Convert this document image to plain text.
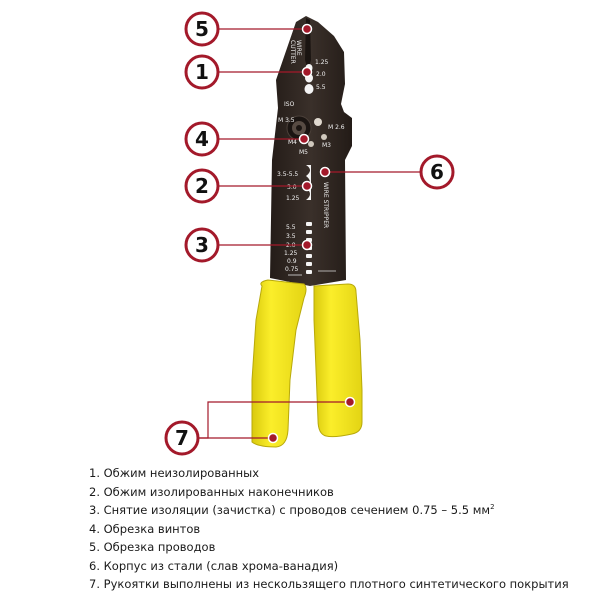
WIRE
CUTTER	1.25
2.0
5.5
ISO
M 3.5
M 2.6
M4	M3
M5
3.5-5.5
3.0
1.25	WIRE STRIPPER
5.5
3.5
2.0
1.25
0.9
0.75
5
1
4
2
3
6
7
1. Обжим неизолированных
2. Обжим изолированных наконечников
3. Снятие изоляции (зачистка) с проводов сечением 0.75 – 5.5 $мм^2$
4. Обрезка винтов
5. Обрезка проводов
6. Корпус из стали (слав хрома-ванадия)
7. Рукоятки выполнены из нескользящего плотного синтетического покрытия
